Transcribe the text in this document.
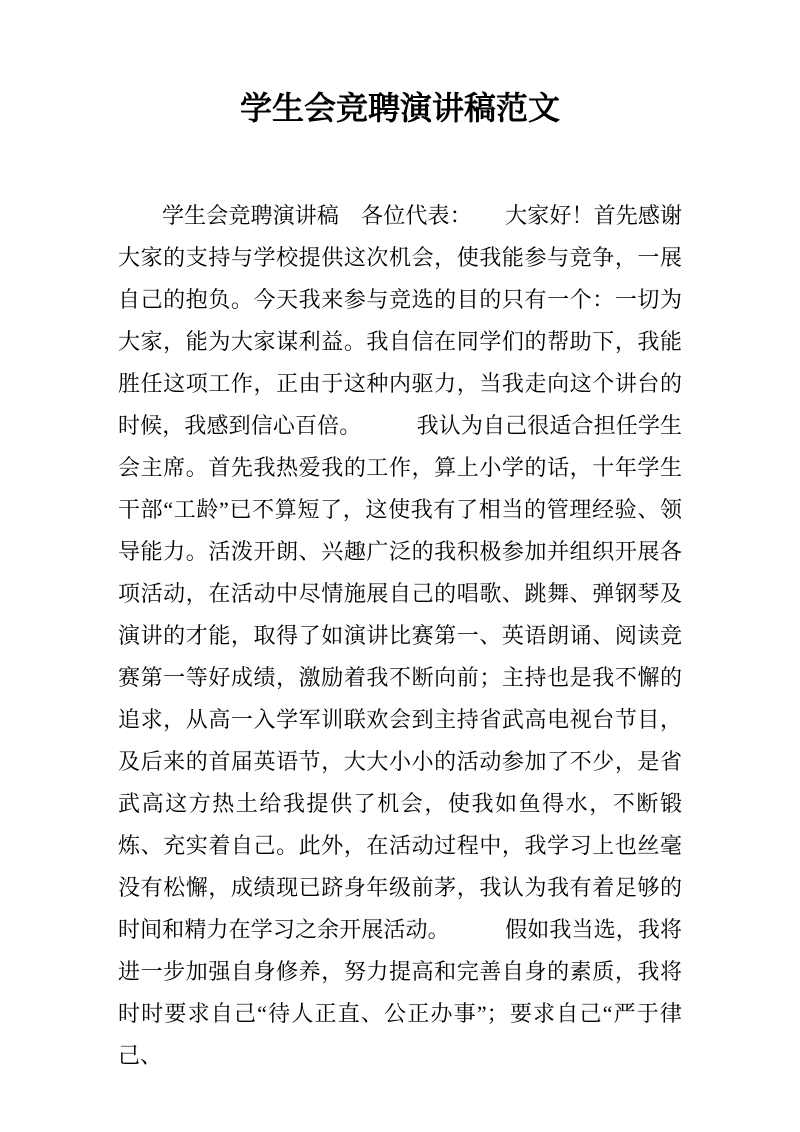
学生会竞聘演讲稿范文

学生会竞聘演讲稿　各位代表：　　大家好！首先感谢大家的支持与学校提供这次机会，使我能参与竞争，一展自己的抱负。今天我来参与竞选的目的只有一个：一切为大家，能为大家谋利益。我自信在同学们的帮助下，我能胜任这项工作，正由于这种内驱力，当我走向这个讲台的时候，我感到信心百倍。　　　我认为自己很适合担任学生会主席。首先我热爱我的工作，算上小学的话，十年学生干部“工龄”已不算短了，这使我有了相当的管理经验、领导能力。活泼开朗、兴趣广泛的我积极参加并组织开展各项活动，在活动中尽情施展自己的唱歌、跳舞、弹钢琴及演讲的才能，取得了如演讲比赛第一、英语朗诵、阅读竞赛第一等好成绩，激励着我不断向前；主持也是我不懈的追求，从高一入学军训联欢会到主持省武高电视台节目，及后来的首届英语节，大大小小的活动参加了不少，是省武高这方热土给我提供了机会，使我如鱼得水，不断锻炼、充实着自己。此外，在活动过程中，我学习上也丝毫没有松懈，成绩现已跻身年级前茅，我认为我有着足够的时间和精力在学习之余开展活动。　　　假如我当选，我将进一步加强自身修养，努力提高和完善自身的素质，我将时时要求自己“待人正直、公正办事”；要求自己“严于律己、
